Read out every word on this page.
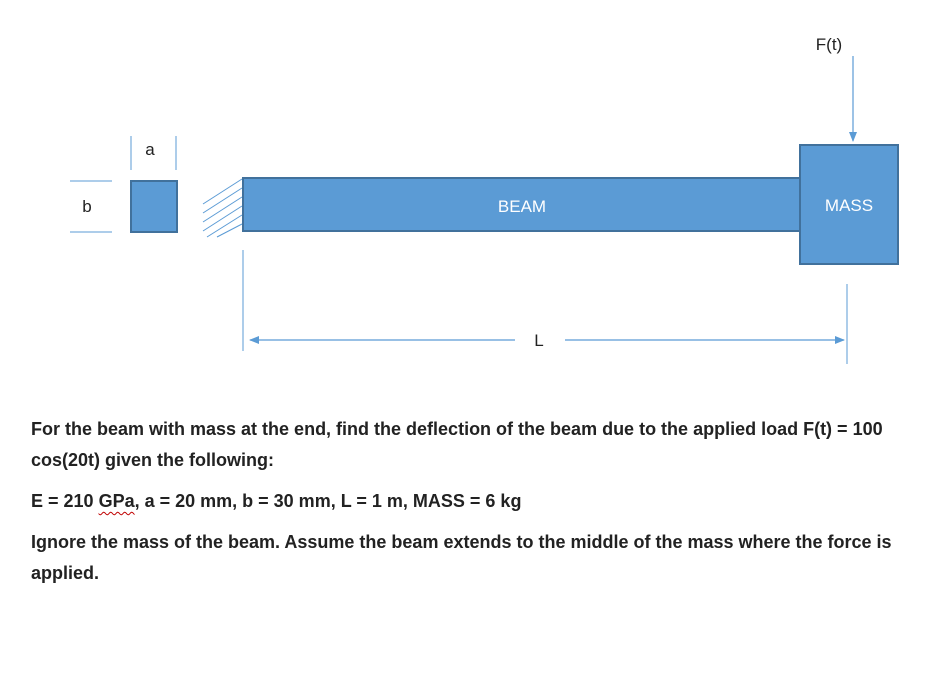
a
b	BEAM	MASS
F(t)
L

For the beam with mass at the end, find the deflection of the beam due to the applied load F(t) = 100 cos(20t) given the following:

E = 210 GPa, a = 20 mm, b = 30 mm, L = 1 m, MASS = 6 kg

Ignore the mass of the beam. Assume the beam extends to the middle of the mass where the force is applied.
